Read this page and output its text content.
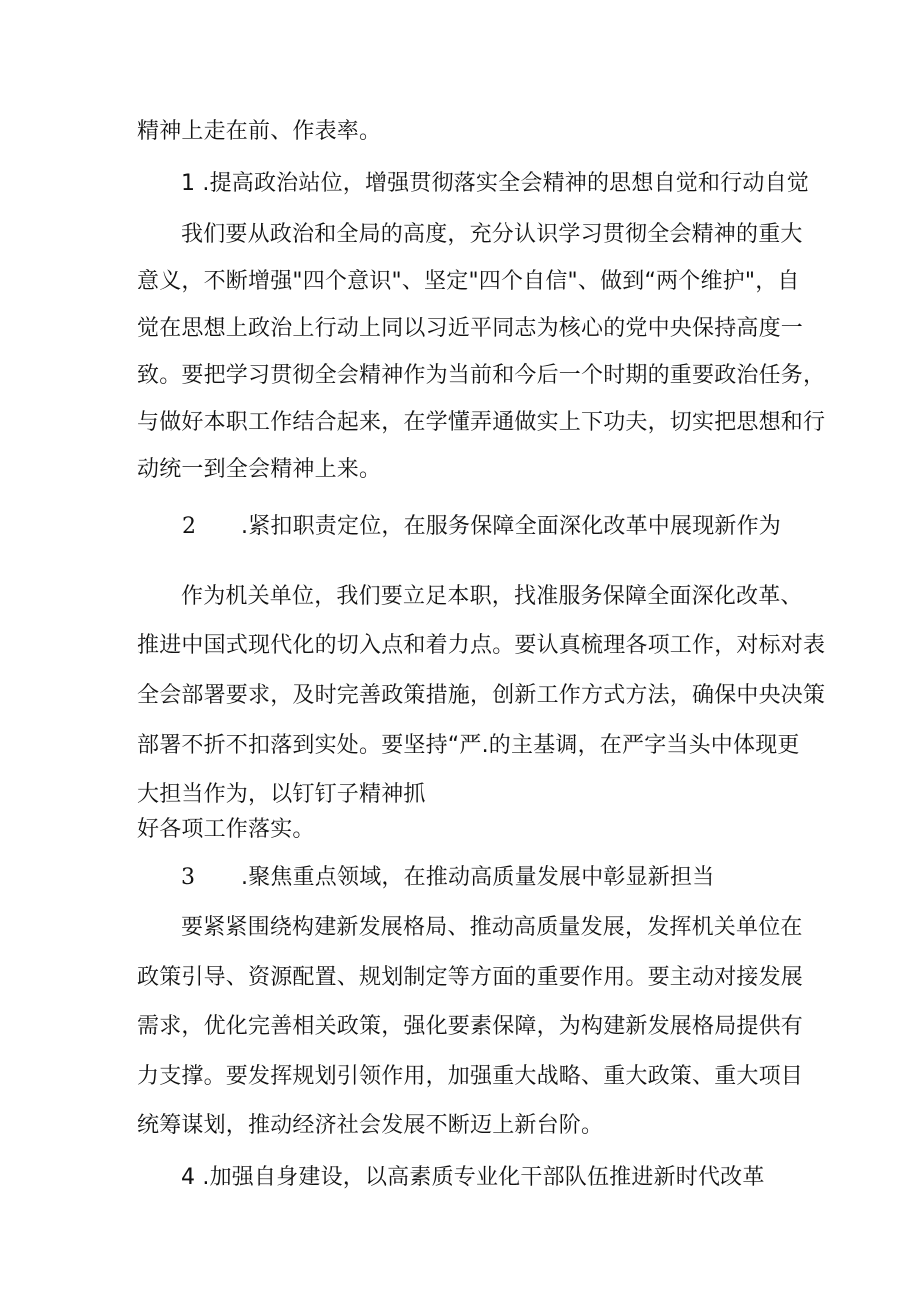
精神上走在前、作表率。
1 .提高政治站位，增强贯彻落实全会精神的思想自觉和行动自觉
我们要从政治和全局的高度，充分认识学习贯彻全会精神的重大
意义，不断增强"四个意识"、坚定"四个自信"、做到“两个维护"，自
觉在思想上政治上行动上同以习近平同志为核心的党中央保持高度一
致。要把学习贯彻全会精神作为当前和今后一个时期的重要政治任务，
与做好本职工作结合起来，在学懂弄通做实上下功夫，切实把思想和行
动统一到全会精神上来。
2 .紧扣职责定位，在服务保障全面深化改革中展现新作为
作为机关单位，我们要立足本职，找准服务保障全面深化改革、
推进中国式现代化的切入点和着力点。要认真梳理各项工作，对标对表
全会部署要求，及时完善政策措施，创新工作方式方法，确保中央决策
部署不折不扣落到实处。要坚持“严.的主基调，在严字当头中体现更
大担当作为，以钉钉子精神抓
好各项工作落实。
3 .聚焦重点领域，在推动高质量发展中彰显新担当
要紧紧围绕构建新发展格局、推动高质量发展，发挥机关单位在
政策引导、资源配置、规划制定等方面的重要作用。要主动对接发展
需求，优化完善相关政策，强化要素保障，为构建新发展格局提供有
力支撑。要发挥规划引领作用，加强重大战略、重大政策、重大项目
统筹谋划，推动经济社会发展不断迈上新台阶。
4 .加强自身建设，以高素质专业化干部队伍推进新时代改革
